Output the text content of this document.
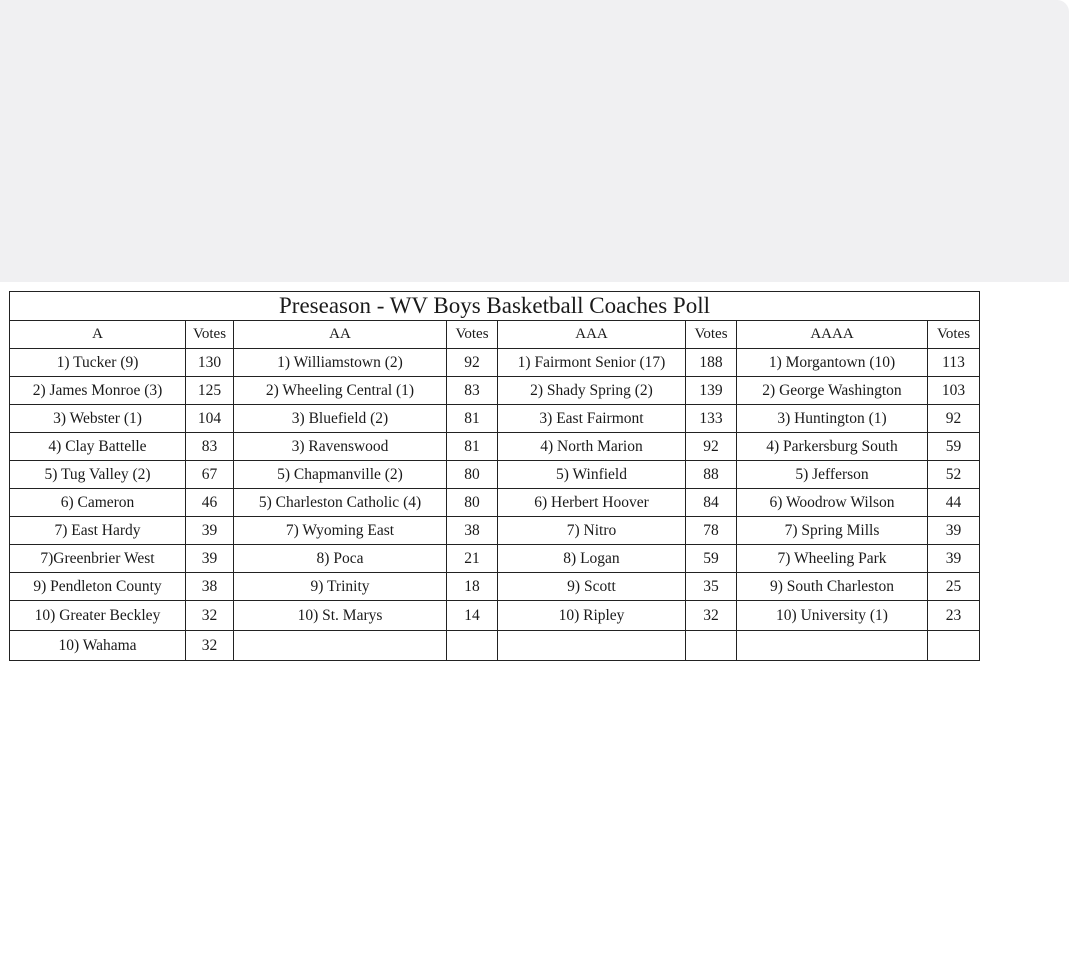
Preseason - WV Boys Basketball Coaches Poll							
A	Votes	AA	Votes	AAA	Votes	AAAA	Votes
1) Tucker (9)	130	1) Williamstown (2)	92	1) Fairmont Senior (17)	188	1) Morgantown (10)	113
2) James Monroe (3)	125	2) Wheeling Central (1)	83	2) Shady Spring (2)	139	2) George Washington	103
3) Webster (1)	104	3) Bluefield (2)	81	3) East Fairmont	133	3) Huntington (1)	92
4) Clay Battelle	83	3) Ravenswood	81	4) North Marion	92	4) Parkersburg South	59
5) Tug Valley (2)	67	5) Chapmanville (2)	80	5) Winfield	88	5) Jefferson	52
6) Cameron	46	5) Charleston Catholic (4)	80	6) Herbert Hoover	84	6) Woodrow Wilson	44
7) East Hardy	39	7) Wyoming East	38	7) Nitro	78	7) Spring Mills	39
7)Greenbrier West	39	8) Poca	21	8) Logan	59	7) Wheeling Park	39
9) Pendleton County	38	9) Trinity	18	9) Scott	35	9) South Charleston	25
10) Greater Beckley	32	10) St. Marys	14	10) Ripley	32	10) University (1)	23
10) Wahama	32						
